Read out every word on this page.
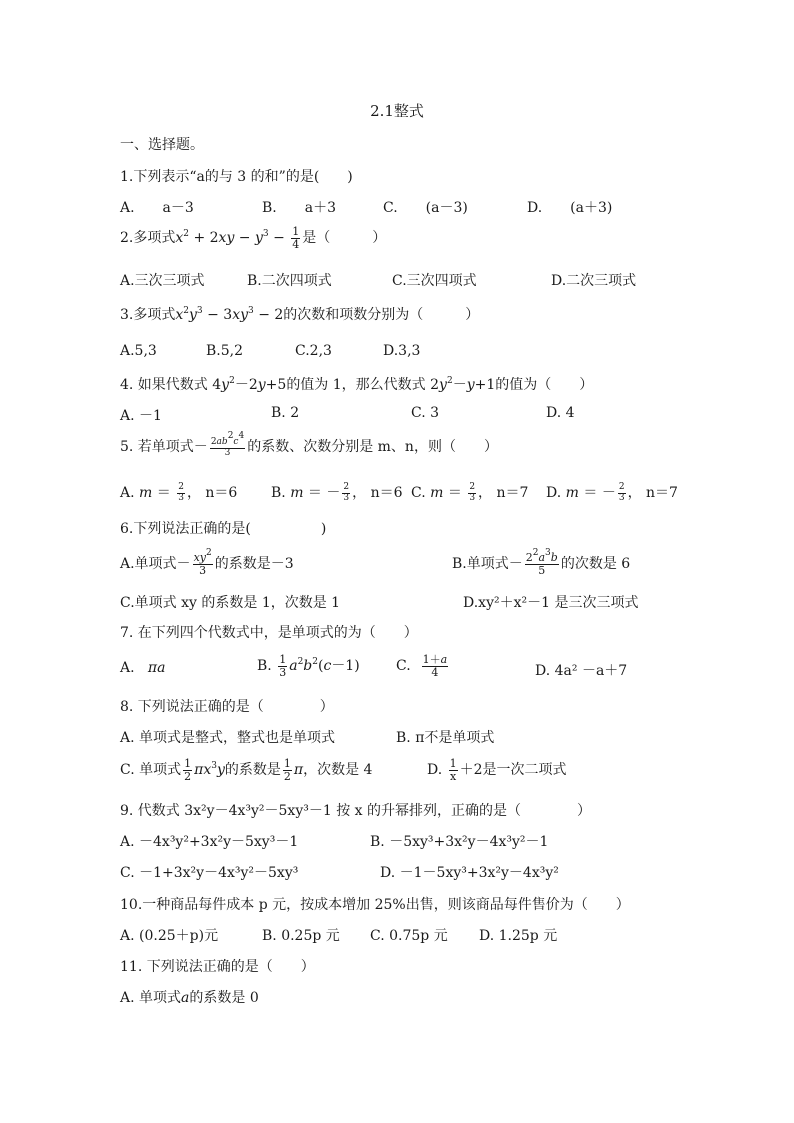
2.1整式
一、选择题。
1.下列表示“a的与 3 的和”的是(　　)
A.　　a－3	B.　　a＋3	C.　　(a－3)	D.　　(a＋3)
2.多项式$x^2 + 2xy - y^3 - \frac{1}{4}$ 是（　　　）
A.三次三项式	B.二次四项式	C.三次四项式	D.二次三项式
3.多项式$x^2y^3 - 3xy^3 - 2$的次数和项数分别为（　　　）
A.5,3	B.5,2	C.2,3	D.3,3
4. 如果代数式 $4y^2-2y+5$的值为 1，那么代数式 $2y^2-y+1$的值为（　　）
A. －1	B. 2	C. 3	D. 4
5. 若单项式－ $\frac{2ab^2c^4}{3}$ 的系数、次数分别是 m、n，则（　　）
A. $m = \frac{2}{3}$ ， n＝6 B. m ＝ － $\frac{2}{3}$ ， n＝6 C. $m = \frac{2}{3}$ ， n＝7 D. m ＝ － $\frac{2}{3}$ ， n＝7
6.下列说法正确的是(　　　　　)
A.单项式－ $\frac{xy^2}{3}$ 的系数是－3	B.单项式－ $\frac{2^2a^3b}{5}$ 的次数是 6
C.单项式 xy 的系数是 1，次数是 1	D.xy²＋x²－1 是三次三项式
7. 在下列四个代数式中，是单项式的为（　　）
A. πa	B. $\frac{1}{3} a^2b^2(c-1)$	C. $\frac{1+a}{4}$	D. 4a² －a＋7
8. 下列说法正确的是（　　　　）
A. 单项式是整式，整式也是单项式	B. π不是单项式
C. 单项式 $\frac{1}{2} \pi x^3y$的系数是 $\frac{1}{2}$ π，次数是 4	D. $\frac{1}{x} +2$是一次二项式
9. 代数式 3x²y－4x³y²－5xy³－1 按 x 的升幂排列，正确的是（　　　　）
A. －4x³y²+3x²y－5xy³－1	B. －5xy³+3x²y－4x³y²－1
C. －1+3x²y－4x³y²－5xy³	D. －1－5xy³+3x²y－4x³y²
10.一种商品每件成本 p 元，按成本增加 25%出售，则该商品每件售价为（　　）
A. (0.25＋p)元	B. 0.25p 元 C. 0.75p 元 D. 1.25p 元
11. 下列说法正确的是（　　）
A. 单项式a的系数是 0
